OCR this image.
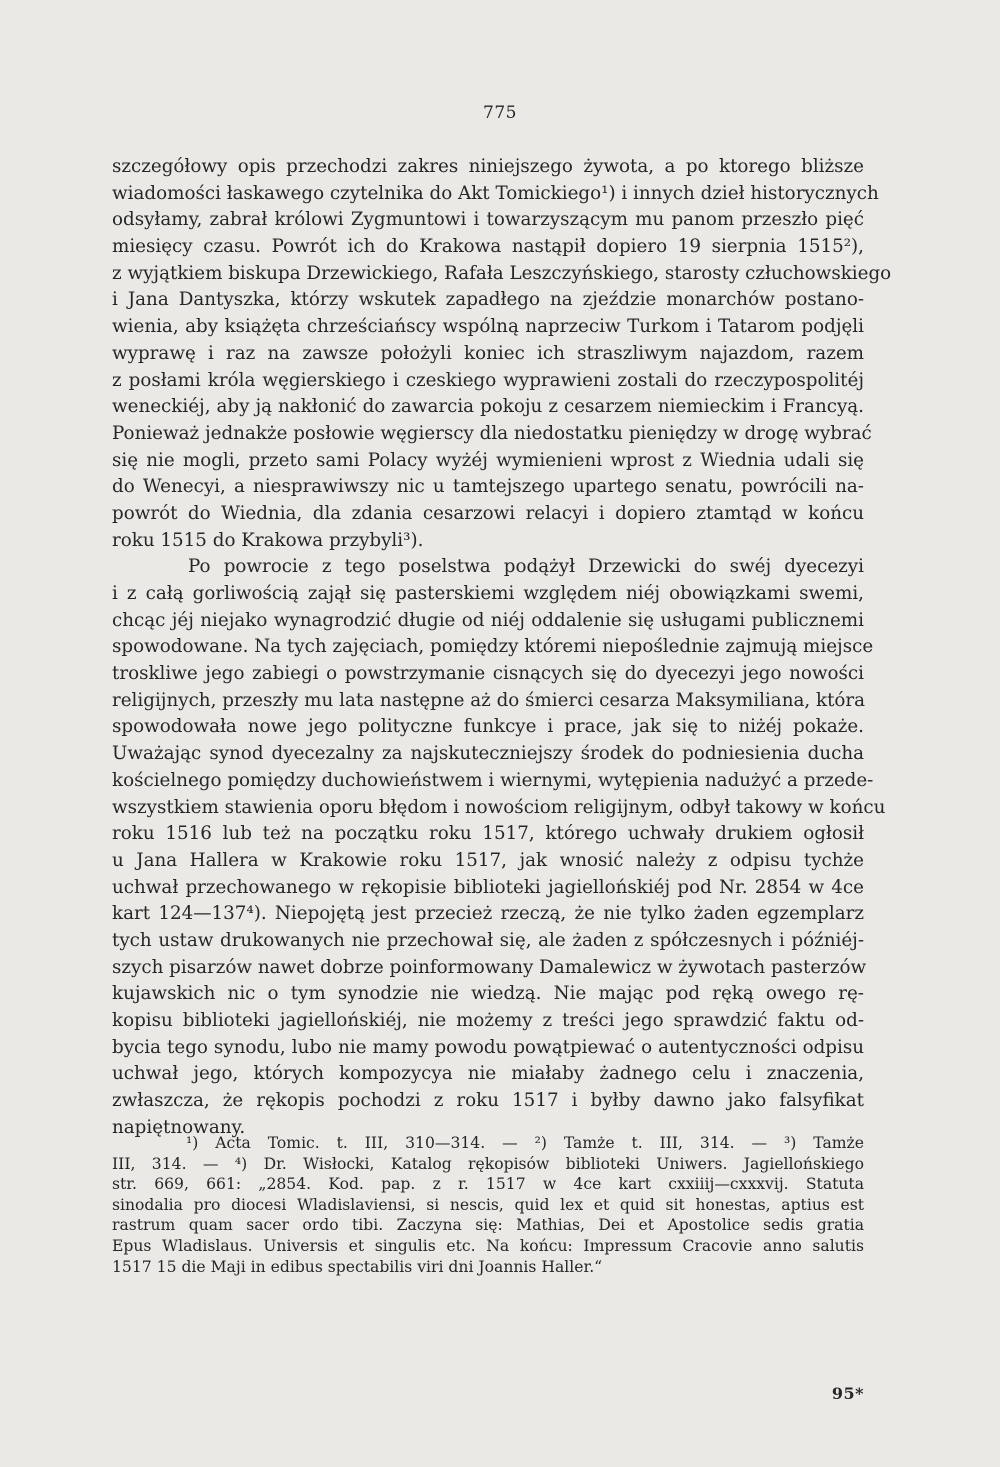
775
szczegółowy opis przechodzi zakres niniejszego żywota, a po ktorego bliższe
wiadomości łaskawego czytelnika do Akt Tomickiego¹) i innych dzieł historycznych
odsyłamy, zabrał królowi Zygmuntowi i towarzyszącym mu panom przeszło pięć
miesięcy czasu. Powrót ich do Krakowa nastąpił dopiero 19 sierpnia 1515²),
z wyjątkiem biskupa Drzewickiego, Rafała Leszczyńskiego, starosty człuchowskiego
i Jana Dantyszka, którzy wskutek zapadłego na zjeździe monarchów postano-
wienia, aby książęta chrześciańscy wspólną naprzeciw Turkom i Tatarom podjęli
wyprawę i raz na zawsze położyli koniec ich straszliwym najazdom, razem
z posłami króla węgierskiego i czeskiego wyprawieni zostali do rzeczypospolitéj
weneckiéj, aby ją nakłonić do zawarcia pokoju z cesarzem niemieckim i Francyą.
Ponieważ jednakże posłowie węgierscy dla niedostatku pieniędzy w drogę wybrać
się nie mogli, przeto sami Polacy wyżéj wymienieni wprost z Wiednia udali się
do Wenecyi, a niesprawiwszy nic u tamtejszego upartego senatu, powrócili na-
powrót do Wiednia, dla zdania cesarzowi relacyi i dopiero ztamtąd w końcu
roku 1515 do Krakowa przybyli³).
Po powrocie z tego poselstwa podążył Drzewicki do swéj dyecezyi
i z całą gorliwością zajął się pasterskiemi względem niéj obowiązkami swemi,
chcąc jéj niejako wynagrodzić długie od niéj oddalenie się usługami publicznemi
spowodowane. Na tych zajęciach, pomiędzy któremi niepoślednie zajmują miejsce
troskliwe jego zabiegi o powstrzymanie cisnących się do dyecezyi jego nowości
religijnych, przeszły mu lata następne aż do śmierci cesarza Maksymiliana, która
spowodowała nowe jego polityczne funkcye i prace, jak się to niżéj pokaże.
Uważając synod dyecezalny za najskuteczniejszy środek do podniesienia ducha
kościelnego pomiędzy duchowieństwem i wiernymi, wytępienia nadużyć a przede-
wszystkiem stawienia oporu błędom i nowościom religijnym, odbył takowy w końcu
roku 1516 lub też na początku roku 1517, którego uchwały drukiem ogłosił
u Jana Hallera w Krakowie roku 1517, jak wnosić należy z odpisu tychże
uchwał przechowanego w rękopisie biblioteki jagiellońskiéj pod Nr. 2854 w 4ce
kart 124—137⁴). Niepojętą jest przecież rzeczą, że nie tylko żaden egzemplarz
tych ustaw drukowanych nie przechował się, ale żaden z spółczesnych i późniéj-
szych pisarzów nawet dobrze poinformowany Damalewicz w żywotach pasterzów
kujawskich nic o tym synodzie nie wiedzą. Nie mając pod ręką owego rę-
kopisu biblioteki jagiellońskiéj, nie możemy z treści jego sprawdzić faktu od-
bycia tego synodu, lubo nie mamy powodu powątpiewać o autentyczności odpisu
uchwał jego, których kompozycya nie miałaby żadnego celu i znaczenia,
zwłaszcza, że rękopis pochodzi z roku 1517 i byłby dawno jako falsyfikat
napiętnowany.
¹) Acta Tomic. t. III, 310—314. — ²) Tamże t. III, 314. — ³) Tamże
III, 314. — ⁴) Dr. Wisłocki, Katalog rękopisów biblioteki Uniwers. Jagiellońskiego
str. 669, 661: „2854. Kod. pap. z r. 1517 w 4ce kart cxxiiij—cxxxvij. Statuta
sinodalia pro diocesi Wladislaviensi, si nescis, quid lex et quid sit honestas, aptius est
rastrum quam sacer ordo tibi. Zaczyna się: Mathias, Dei et Apostolice sedis gratia
Epus Wladislaus. Universis et singulis etc. Na końcu: Impressum Cracovie anno salutis
1517 15 die Maji in edibus spectabilis viri dni Joannis Haller.“
95*
